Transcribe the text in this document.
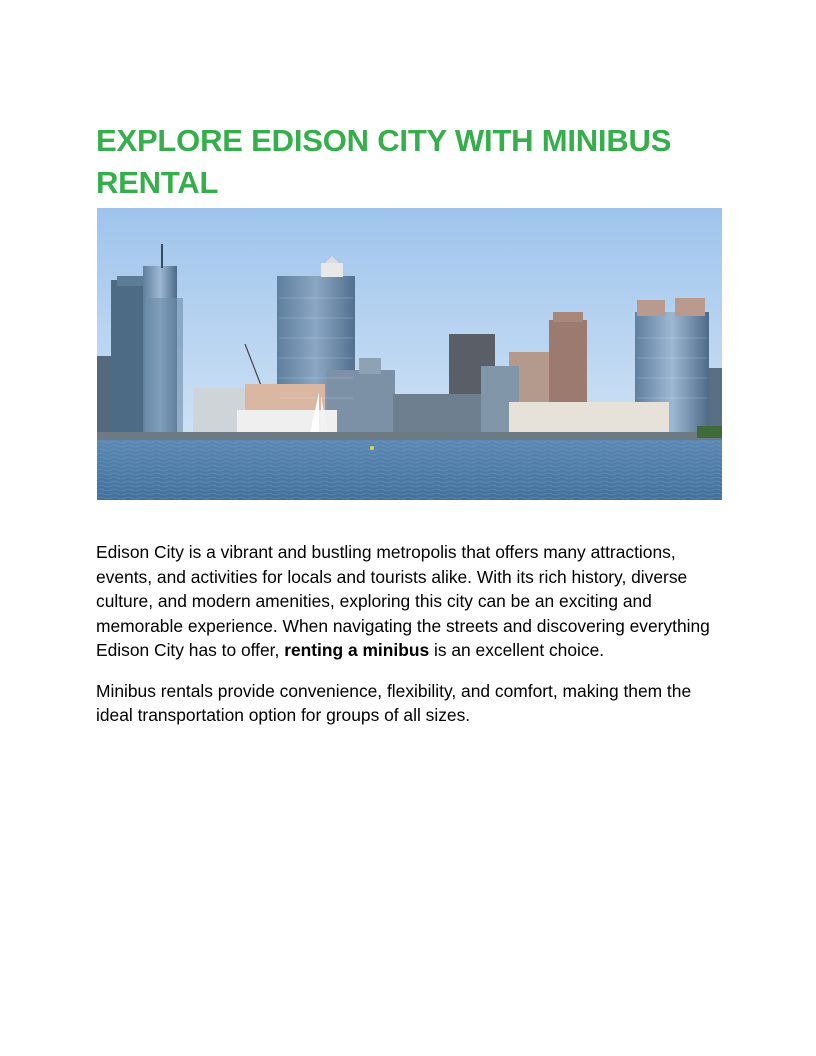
EXPLORE EDISON CITY WITH MINIBUS RENTAL

Edison City is a vibrant and bustling metropolis that offers many attractions, events, and activities for locals and tourists alike. With its rich history, diverse culture, and modern amenities, exploring this city can be an exciting and memorable experience. When navigating the streets and discovering everything Edison City has to offer, renting a minibus is an excellent choice.

Minibus rentals provide convenience, flexibility, and comfort, making them the ideal transportation option for groups of all sizes.
